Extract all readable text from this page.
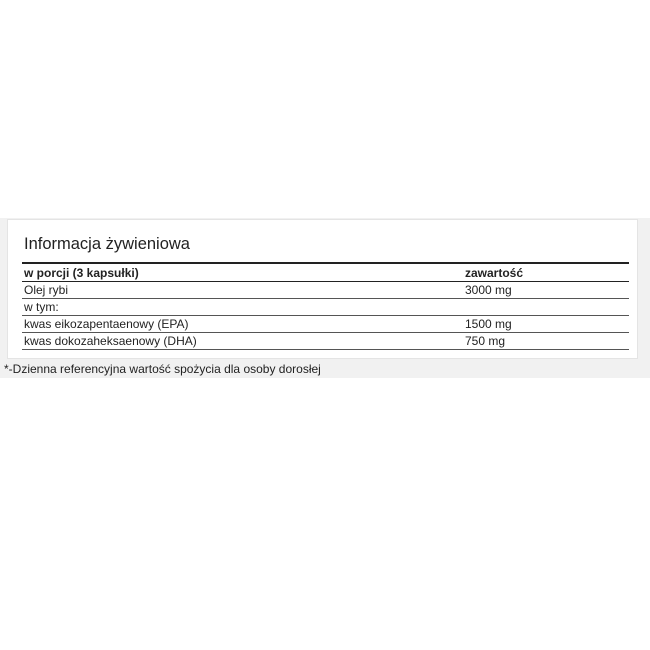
Informacja żywieniowa
w porcji (3 kapsułki)	zawartość
Olej rybi	3000 mg
w tym:	
kwas eikozapentaenowy (EPA)	1500 mg
kwas dokozaheksaenowy (DHA)	750 mg
*-Dzienna referencyjna wartość spożycia dla osoby dorosłej
